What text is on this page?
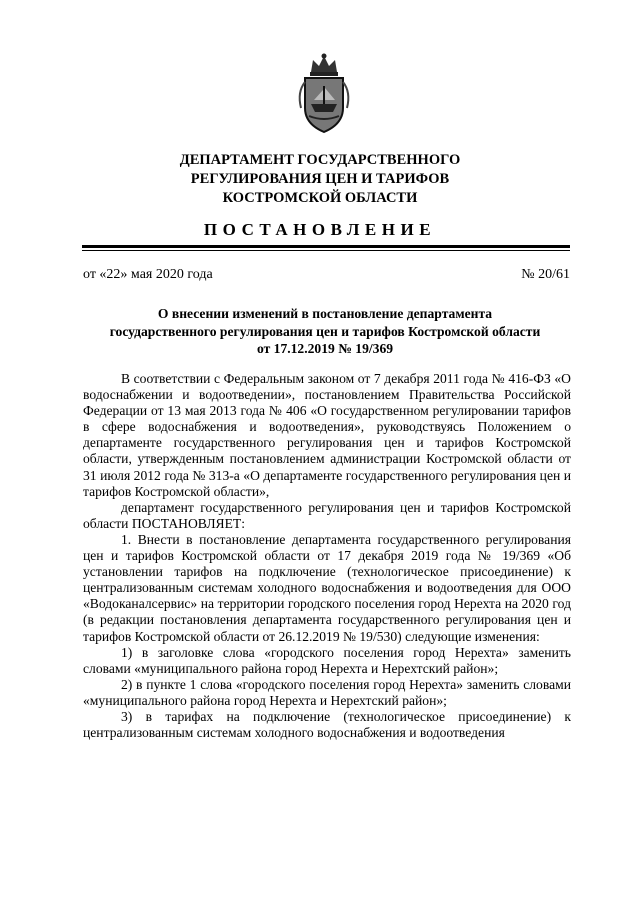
ДЕПАРТАМЕНТ ГОСУДАРСТВЕННОГО
РЕГУЛИРОВАНИЯ ЦЕН И ТАРИФОВ
КОСТРОМСКОЙ ОБЛАСТИ
ПОСТАНОВЛЕНИЕ
от «22» мая 2020 года	№ 20/61
О внесении изменений в постановление департамента
государственного регулирования цен и тарифов Костромской области
от 17.12.2019 № 19/369

В соответствии с Федеральным законом от 7 декабря 2011 года № 416-ФЗ «О водоснабжении и водоотведении», постановлением Правительства Российской Федерации от 13 мая 2013 года № 406 «О государственном регулировании тарифов в сфере водоснабжения и водоотведения», руководствуясь Положением о департаменте государственного регулирования цен и тарифов Костромской области, утвержденным постановлением администрации Костромской области от 31 июля 2012 года № 313-а «О департаменте государственного регулирования цен и тарифов Костромской области»,

департамент государственного регулирования цен и тарифов Костромской области ПОСТАНОВЛЯЕТ:

1. Внести в постановление департамента государственного регулирования цен и тарифов Костромской области от 17 декабря 2019 года № 19/369 «Об установлении тарифов на подключение (технологическое присоединение) к централизованным системам холодного водоснабжения и водоотведения для ООО «Водоканалсервис» на территории городского поселения город Нерехта на 2020 год (в редакции постановления департамента государственного регулирования цен и тарифов Костромской области от 26.12.2019 № 19/530) следующие изменения:

1) в заголовке слова «городского поселения город Нерехта» заменить словами «муниципального района город Нерехта и Нерехтский район»;

2) в пункте 1 слова «городского поселения город Нерехта» заменить словами «муниципального района город Нерехта и Нерехтский район»;

3) в тарифах на подключение (технологическое присоединение) к централизованным системам холодного водоснабжения и водоотведения
